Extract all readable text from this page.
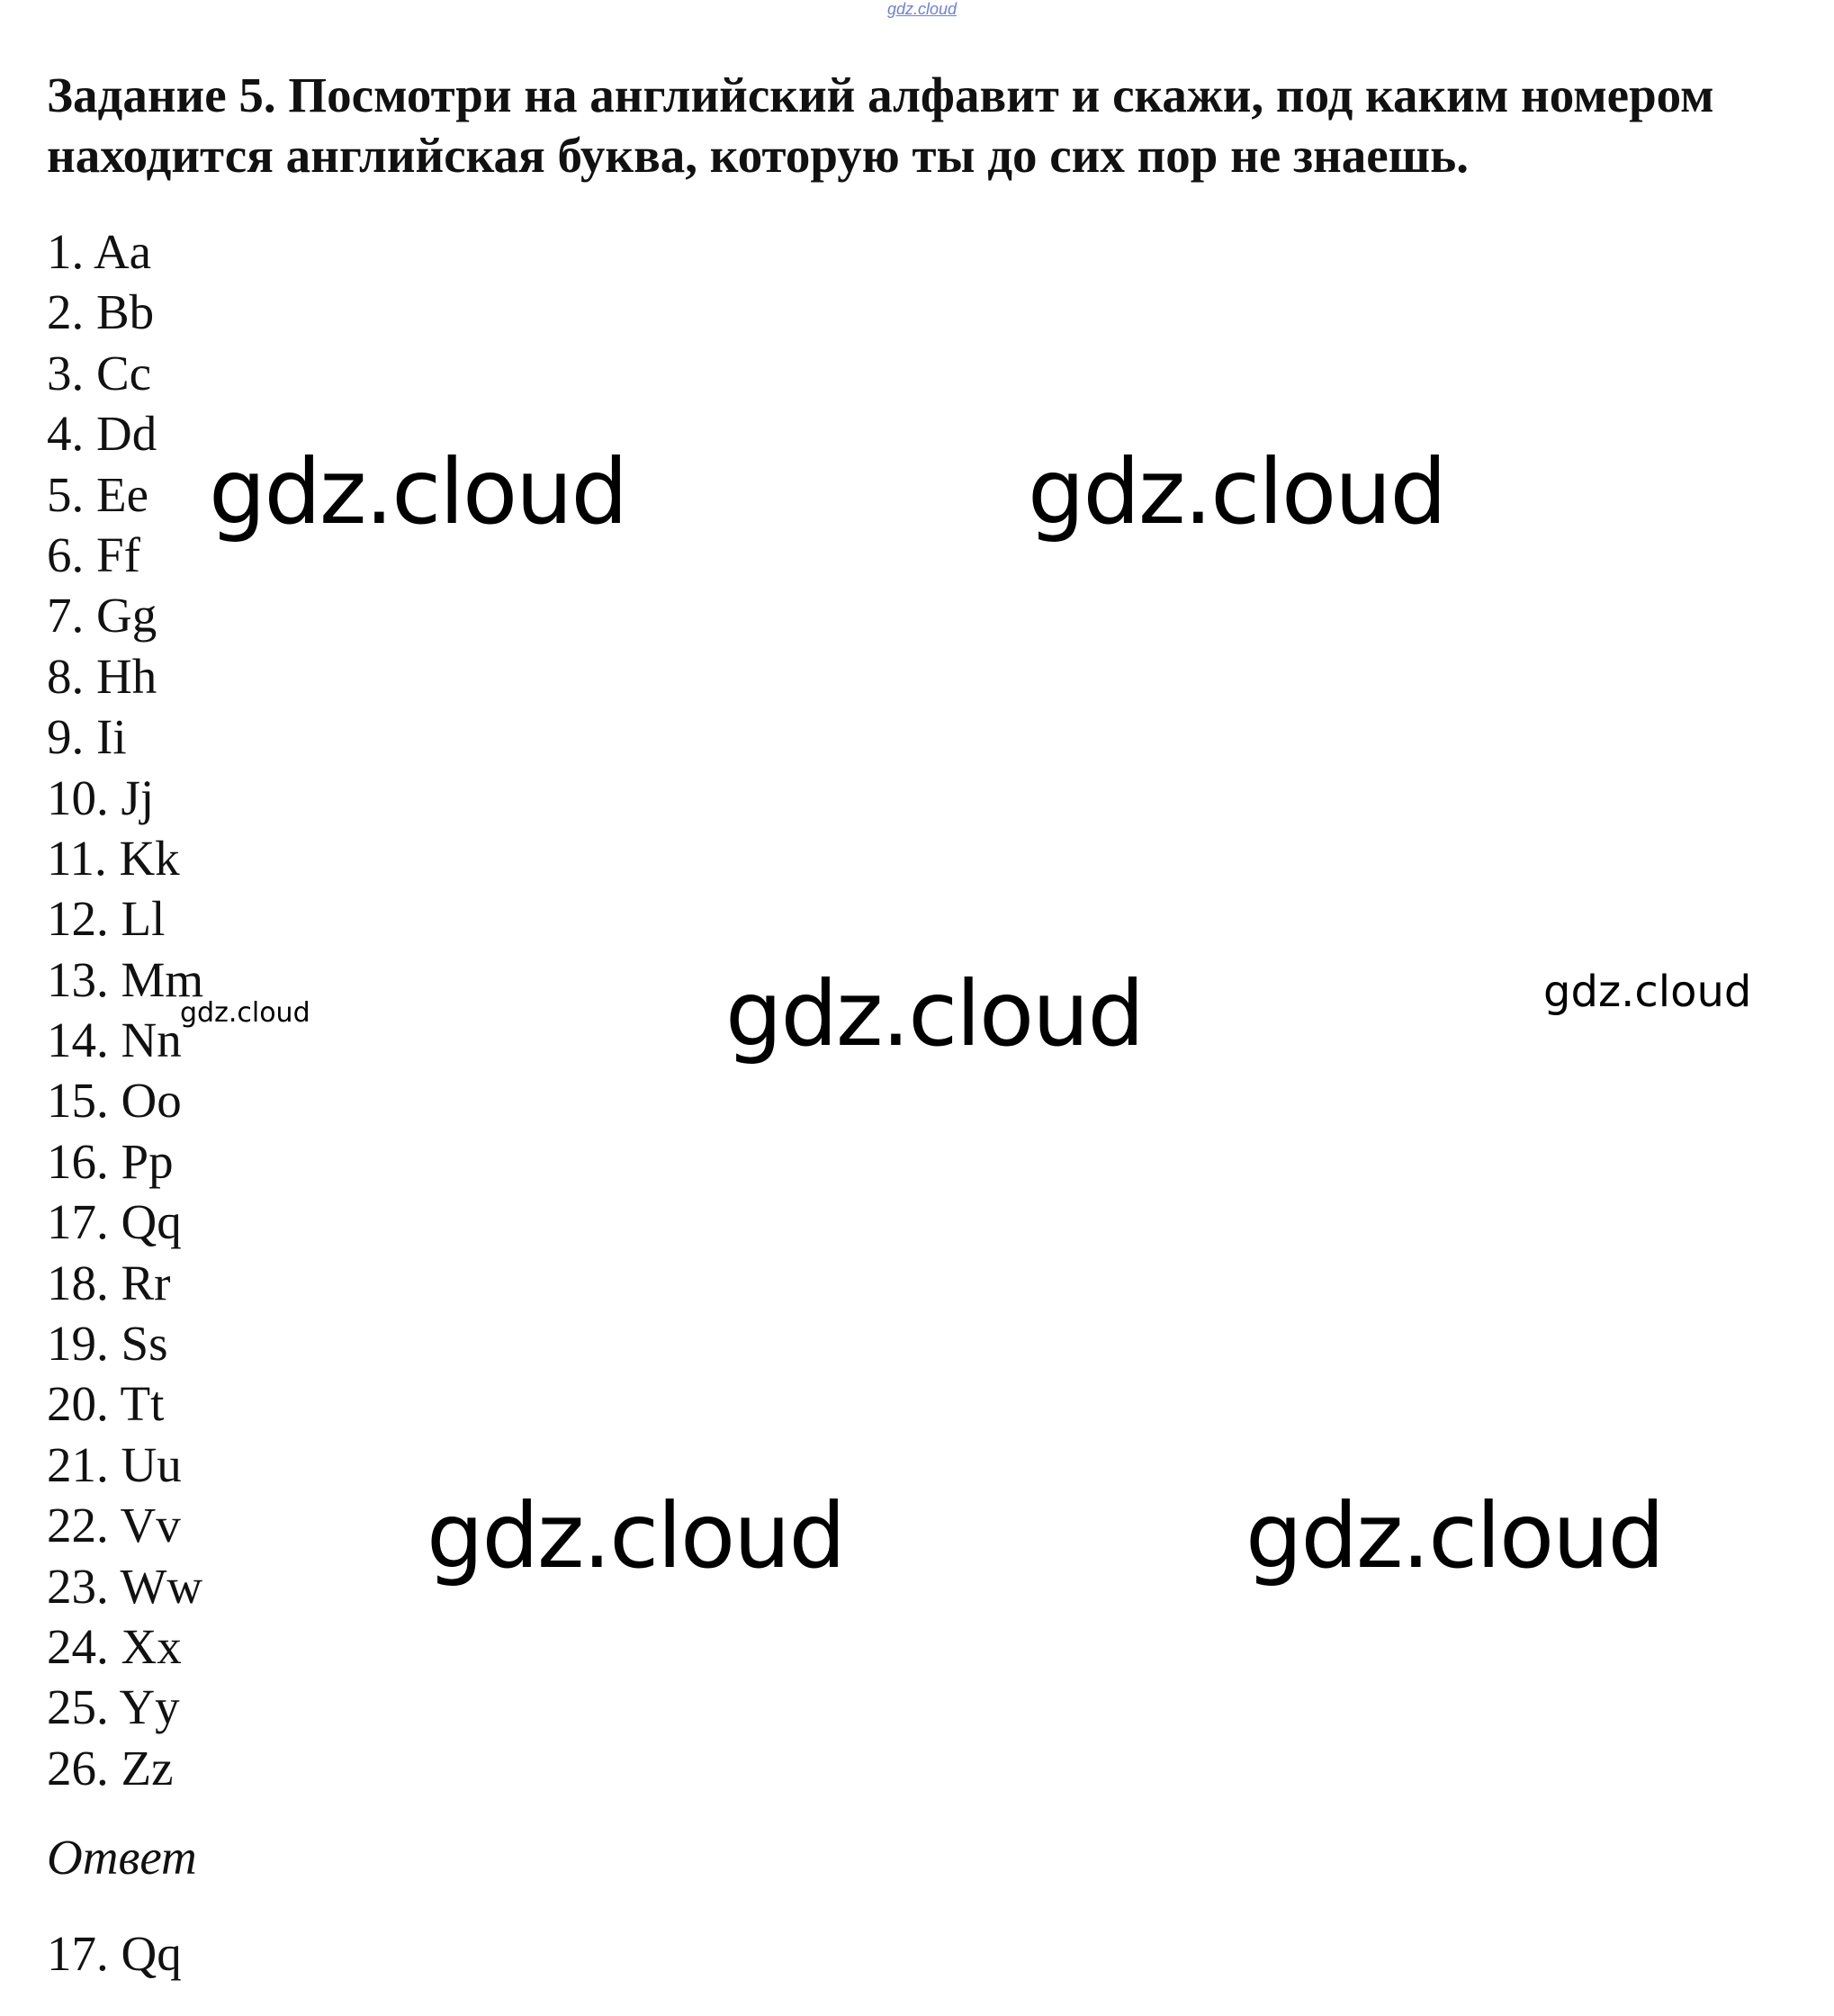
gdz.cloud
Задание 5. Посмотри на английский алфавит и скажи, под каким номером находится английская буква, которую ты до сих пор не знаешь.
1. Aa
2. Bb
3. Cc
4. Dd
5. Ee
6. Ff
7. Gg
8. Hh
9. Ii
10. Jj
11. Kk
12. Ll
13. Mm
14. Nn
15. Oo
16. Pp
17. Qq
18. Rr
19. Ss
20. Tt
21. Uu
22. Vv
23. Ww
24. Xx
25. Yy
26. Zz
Ответ
17. Qq
gdz.cloud	gdz.cloud
gdz.cloud	gdz.cloud
gdz.cloud
gdz.cloud	gdz.cloud
